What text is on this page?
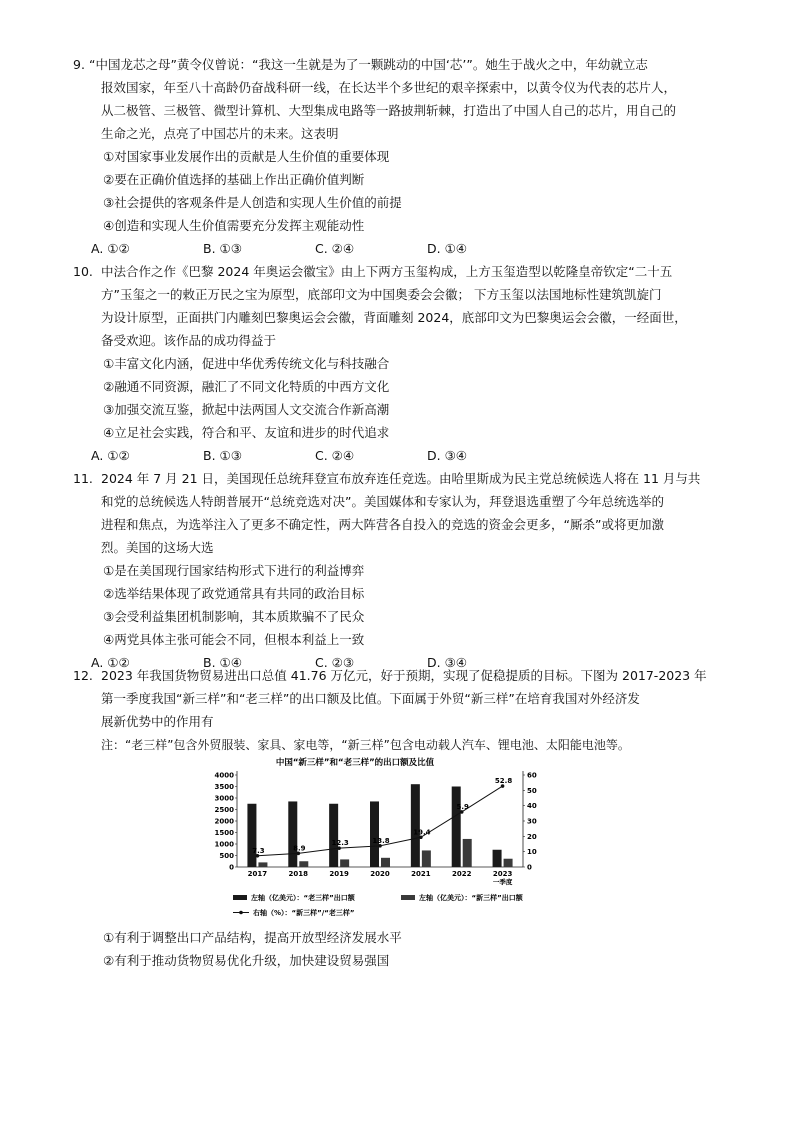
9. “中国龙芯之母”黄令仪曾说：“我这一生就是为了一颗跳动的中国‘芯’”。她生于战火之中，年幼就立志
报效国家，年至八十高龄仍奋战科研一线，在长达半个多世纪的艰辛探索中，以黄令仪为代表的芯片人，
从二极管、三极管、微型计算机、大型集成电路等一路披荆斩棘，打造出了中国人自己的芯片，用自己的
生命之光，点亮了中国芯片的未来。这表明
①对国家事业发展作出的贡献是人生价值的重要体现
②要在正确价值选择的基础上作出正确价值判断
③社会提供的客观条件是人创造和实现人生价值的前提
④创造和实现人生价值需要充分发挥主观能动性
A. ①②	B. ①③	C. ②④	D. ①④
10. 中法合作之作《巴黎 2024 年奥运会徽宝》由上下两方玉玺构成，上方玉玺造型以乾隆皇帝钦定“二十五
方”玉玺之一的敕正万民之宝为原型，底部印文为中国奥委会会徽； 下方玉玺以法国地标性建筑凯旋门
为设计原型，正面拱门内雕刻巴黎奥运会会徽，背面雕刻 2024，底部印文为巴黎奥运会会徽，一经面世，
备受欢迎。该作品的成功得益于
①丰富文化内涵，促进中华优秀传统文化与科技融合
②融通不同资源，融汇了不同文化特质的中西方文化
③加强交流互鉴，掀起中法两国人文交流合作新高潮
④立足社会实践，符合和平、友谊和进步的时代追求
A. ①②	B. ①③	C. ②④	D. ③④
11. 2024 年 7 月 21 日，美国现任总统拜登宣布放弃连任竞选。由哈里斯成为民主党总统候选人将在 11 月与共
和党的总统候选人特朗普展开“总统竞选对决”。美国媒体和专家认为，拜登退选重塑了今年总统选举的
进程和焦点，为选举注入了更多不确定性，两大阵营各自投入的竞选的资金会更多，“厮杀”或将更加激
烈。美国的这场大选
①是在美国现行国家结构形式下进行的利益博弈
②选举结果体现了政党通常具有共同的政治目标
③会受利益集团机制影响，其本质欺骗不了民众
④两党具体主张可能会不同，但根本利益上一致
A. ①②	B. ①④	C. ②③	D. ③④
12. 2023 年我国货物贸易进出口总值 41.76 万亿元，好于预期，实现了促稳提质的目标。下图为 2017-2023 年
第一季度我国“新三样”和“老三样”的出口额及比值。下面属于外贸“新三样”在培育我国对外经济发
展新优势中的作用有
注：“老三样”包含外贸服装、家具、家电等，“新三样”包含电动载人汽车、锂电池、太阳能电池等。
中国“新三样”和“老三样”的出口额及比值
0
500
1000
1500
2000
2500
3000
3500
4000
0
10
20
30
40
50
60
2017	2018	2019	2020	2021	2022	2023
一季度
7.3	8.9
12.3	13.8
19.4
5.9
52.8
左轴（亿美元）：“老三样”出口额	左轴（亿美元）：“新三样”出口额
右轴（%）：“新三样”/“老三样”
①有利于调整出口产品结构，提高开放型经济发展水平
②有利于推动货物贸易优化升级，加快建设贸易强国
